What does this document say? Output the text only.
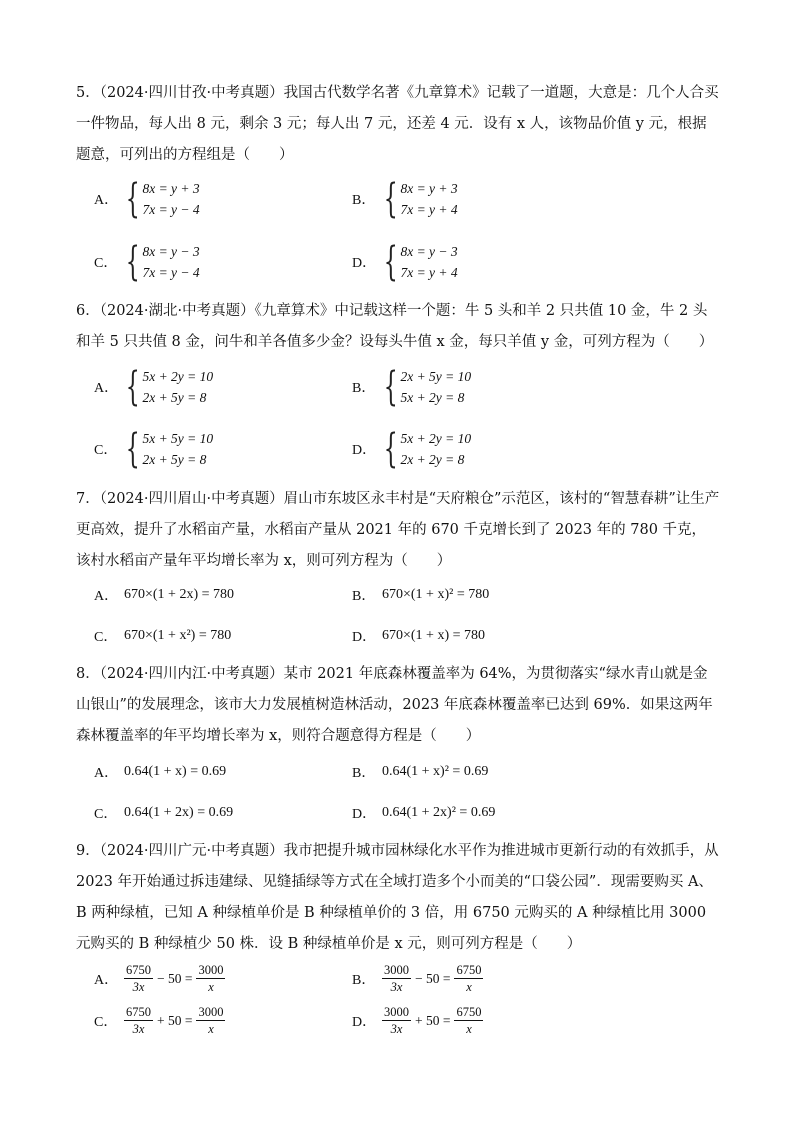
5．（2024·四川甘孜·中考真题）我国古代数学名著《九章算术》记载了一道题，大意是：几个人合买一件物品，每人出 8 元，剩余 3 元；每人出 7 元，还差 4 元．设有 x 人，该物品价值 y 元，根据题意，可列出的方程组是（　　）

A． { 8x = y + 3
7x = y − 4
B． { 8x = y + 3
7x = y + 4
C． { 8x = y − 3
7x = y − 4
D． { 8x = y − 3
7x = y + 4

6．（2024·湖北·中考真题）《九章算术》中记载这样一个题：牛 5 头和羊 2 只共值 10 金，牛 2 头和羊 5 只共值 8 金，问牛和羊各值多少金？设每头牛值 x 金，每只羊值 y 金，可列方程为（　　）

A． { 5x + 2y = 10
2x + 5y = 8
B． { 2x + 5y = 10
5x + 2y = 8
C． { 5x + 5y = 10
2x + 5y = 8
D． { 5x + 2y = 10
2x + 2y = 8

7．（2024·四川眉山·中考真题）眉山市东坡区永丰村是“天府粮仓”示范区，该村的“智慧春耕”让生产更高效，提升了水稻亩产量，水稻亩产量从 2021 年的 670 千克增长到了 2023 年的 780 千克，该村水稻亩产量年平均增长率为 x，则可列方程为（　　）

A． 670×(1 + 2x) = 780	B． 670×(1 + x)² = 780
C． 670×(1 + x²) = 780	D． 670×(1 + x) = 780

8．（2024·四川内江·中考真题）某市 2021 年底森林覆盖率为 64%，为贯彻落实“绿水青山就是金山银山”的发展理念，该市大力发展植树造林活动，2023 年底森林覆盖率已达到 69%．如果这两年森林覆盖率的年平均增长率为 x，则符合题意得方程是（　　）

A． 0.64(1 + x) = 0.69	B． 0.64(1 + x)² = 0.69
C． 0.64(1 + 2x) = 0.69	D． 0.64(1 + 2x)² = 0.69

9．（2024·四川广元·中考真题）我市把提升城市园林绿化水平作为推进城市更新行动的有效抓手，从 2023 年开始通过拆违建绿、见缝插绿等方式在全域打造多个小而美的“口袋公园”．现需要购买 A、B 两种绿植，已知 A 种绿植单价是 B 种绿植单价的 3 倍，用 6750 元购买的 A 种绿植比用 3000 元购买的 B 种绿植少 50 株．设 B 种绿植单价是 x 元，则可列方程是（　　）

A． $\frac{6750}{3x} - 50 = \frac{3000}{x}$	B． $\frac{3000}{3x} - 50 = \frac{6750}{x}$
C． $\frac{6750}{3x} + 50 = \frac{3000}{x}$	D． $\frac{3000}{3x} + 50 = \frac{6750}{x}$
